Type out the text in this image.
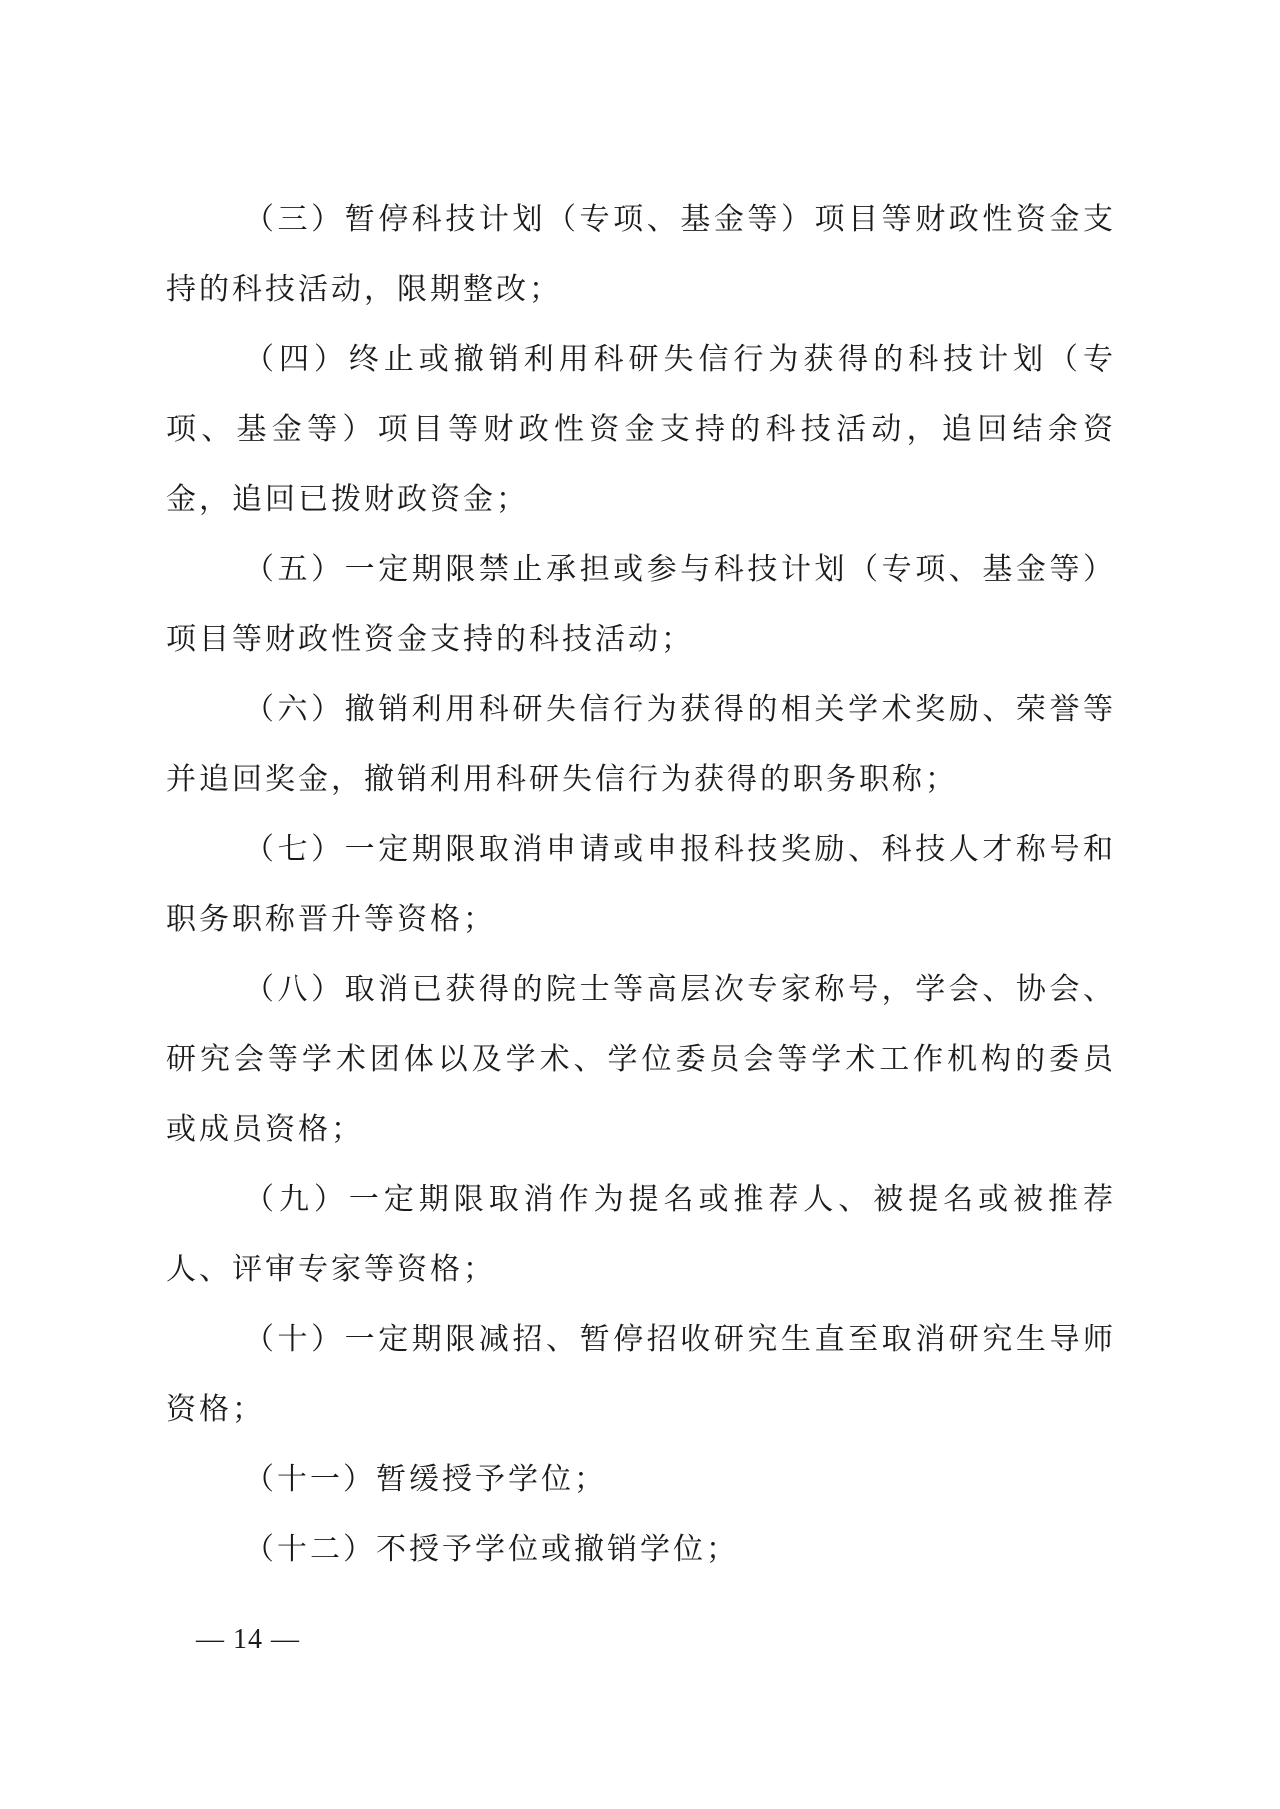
（三）暂停科技计划（专项、基金等）项目等财政性资金支持的科技活动，限期整改；

（四）终止或撤销利用科研失信行为获得的科技计划（专项、基金等）项目等财政性资金支持的科技活动，追回结余资金，追回已拨财政资金；

（五）一定期限禁止承担或参与科技计划（专项、基金等）项目等财政性资金支持的科技活动；

（六）撤销利用科研失信行为获得的相关学术奖励、荣誉等并追回奖金，撤销利用科研失信行为获得的职务职称；

（七）一定期限取消申请或申报科技奖励、科技人才称号和职务职称晋升等资格；

（八）取消已获得的院士等高层次专家称号，学会、协会、研究会等学术团体以及学术、学位委员会等学术工作机构的委员或成员资格；

（九）一定期限取消作为提名或推荐人、被提名或被推荐人、评审专家等资格；

（十）一定期限减招、暂停招收研究生直至取消研究生导师资格；

（十一）暂缓授予学位；

（十二）不授予学位或撤销学位；

— 14 —
